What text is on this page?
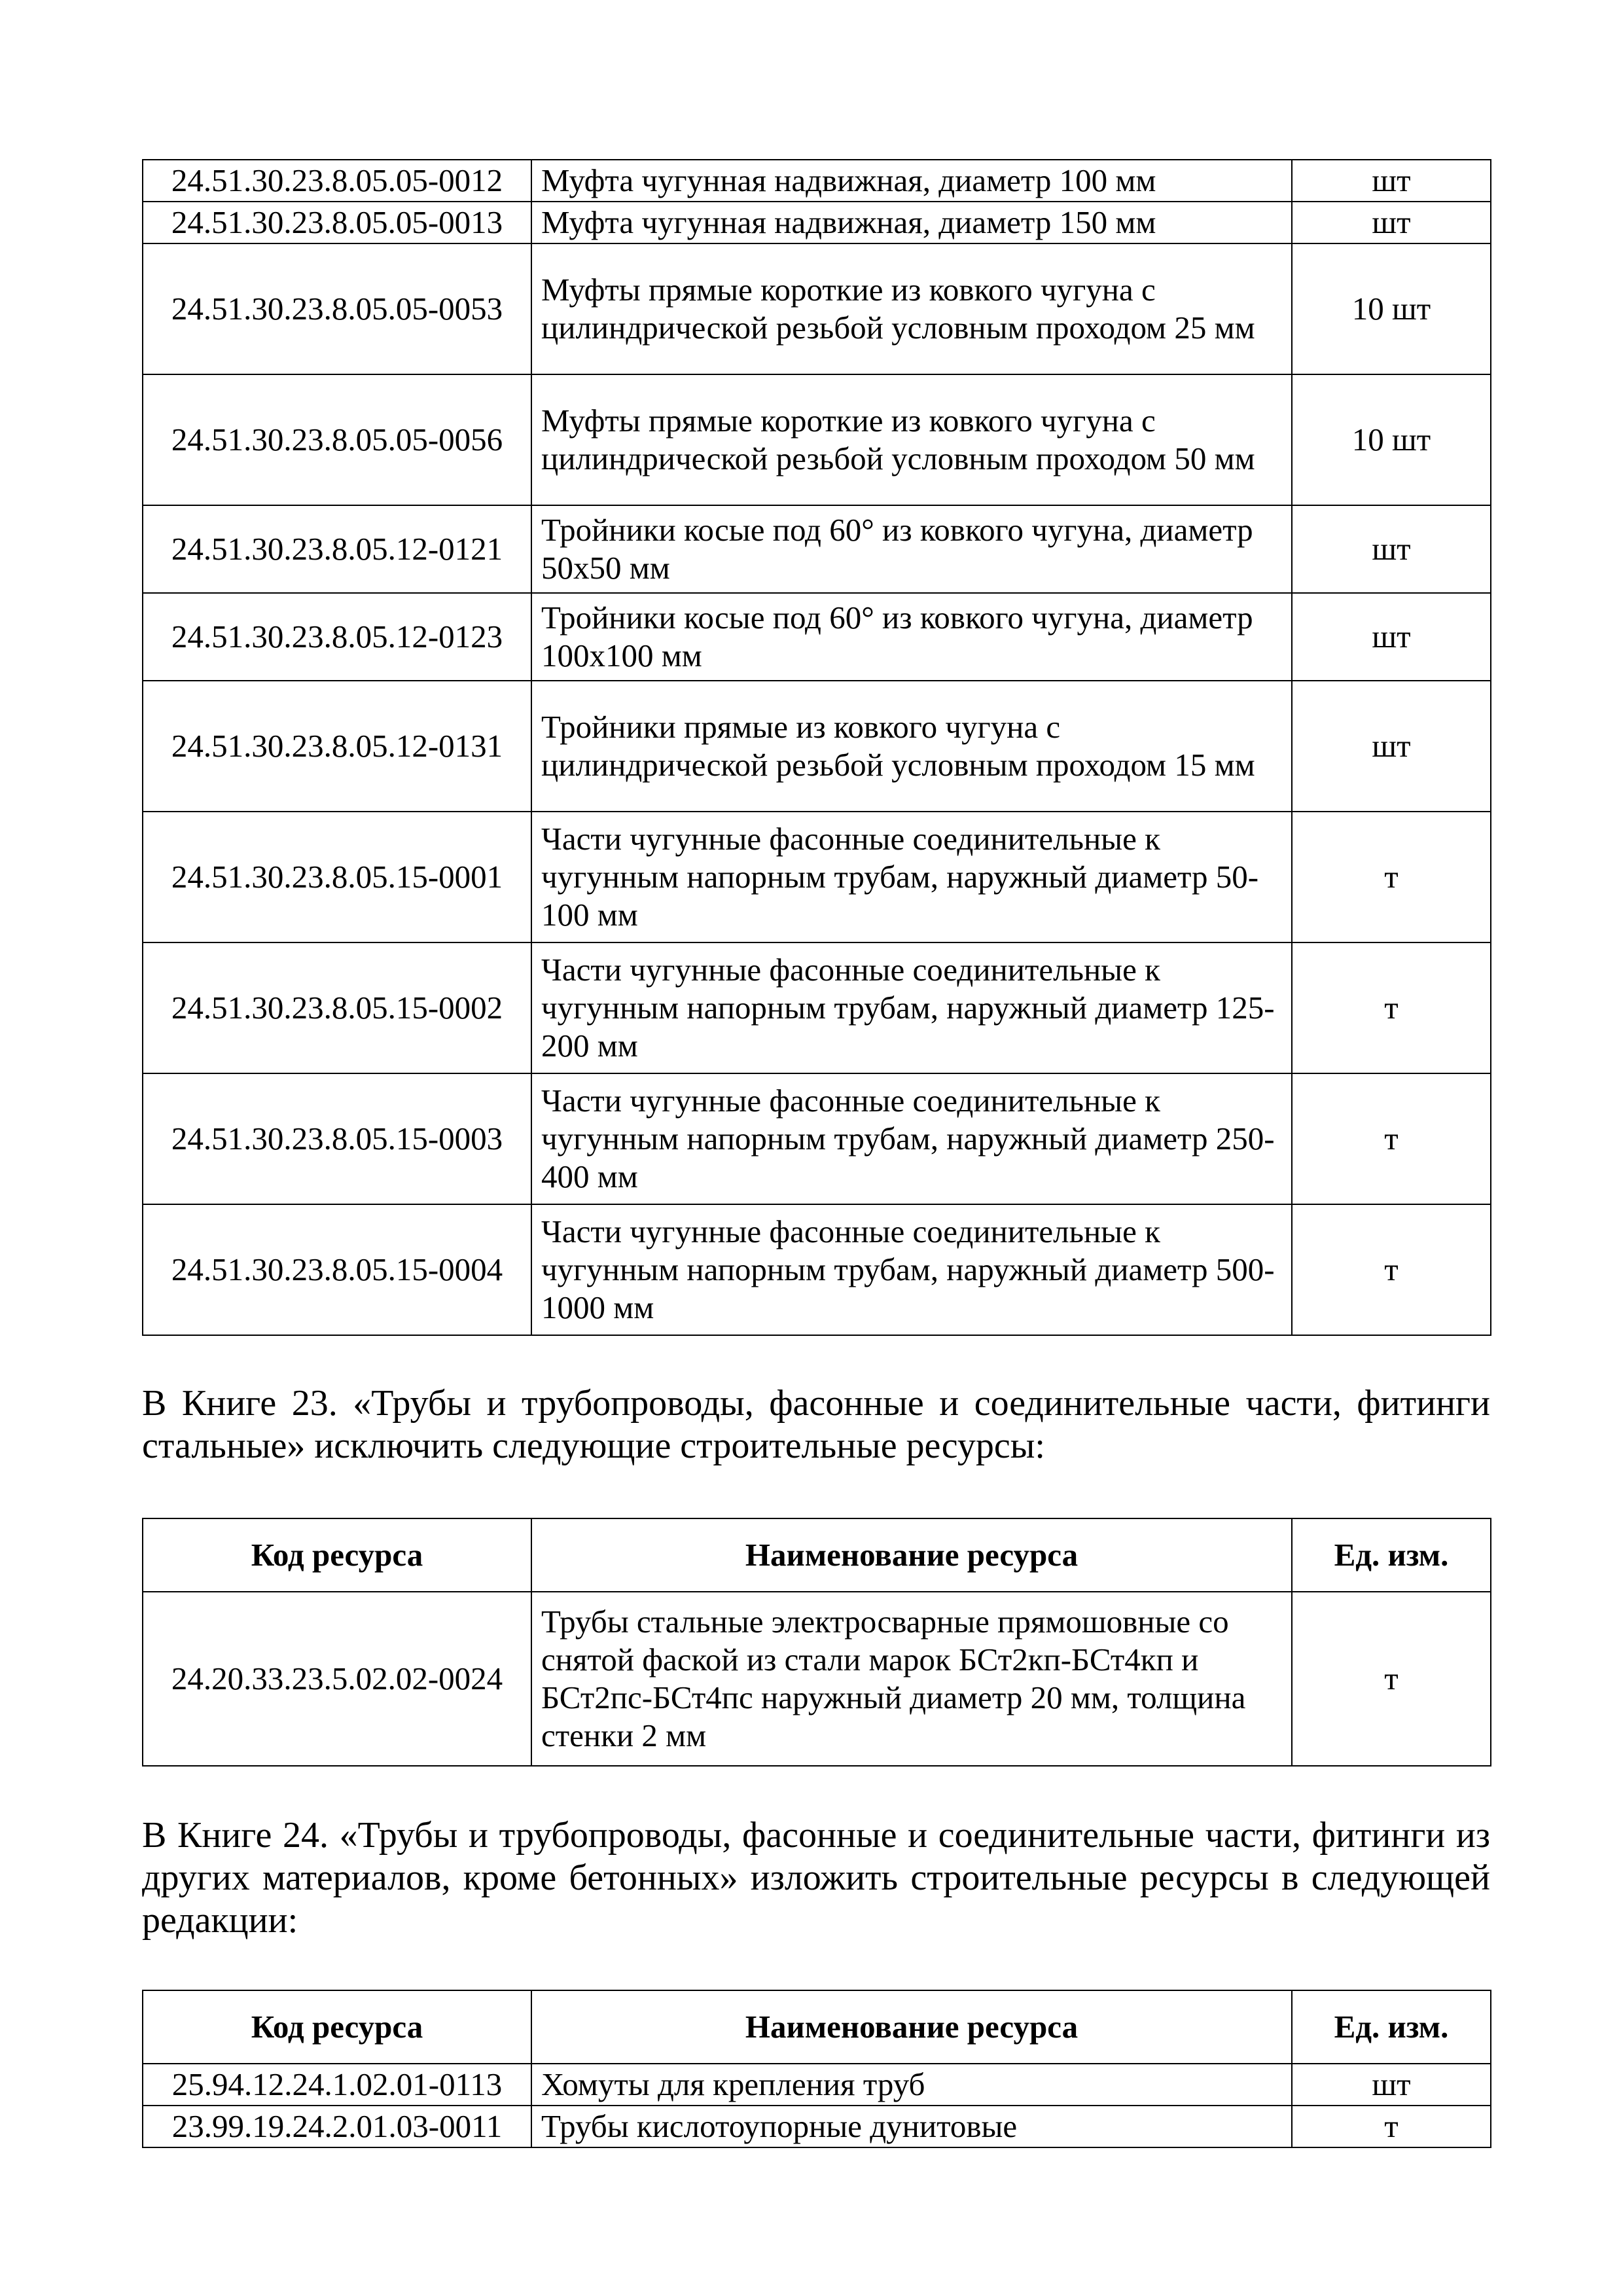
24.51.30.23.8.05.05-0012	Муфта чугунная надвижная, диаметр 100 мм	шт
24.51.30.23.8.05.05-0013	Муфта чугунная надвижная, диаметр 150 мм	шт
24.51.30.23.8.05.05-0053	Муфты прямые короткие из ковкого чугуна с цилиндрической резьбой условным проходом 25 мм	10 шт
24.51.30.23.8.05.05-0056	Муфты прямые короткие из ковкого чугуна с цилиндрической резьбой условным проходом 50 мм	10 шт
24.51.30.23.8.05.12-0121	Тройники косые под 60° из ковкого чугуна, диаметр 50х50 мм	шт
24.51.30.23.8.05.12-0123	Тройники косые под 60° из ковкого чугуна, диаметр 100х100 мм	шт
24.51.30.23.8.05.12-0131	Тройники прямые из ковкого чугуна с цилиндрической резьбой условным проходом 15 мм	шт
24.51.30.23.8.05.15-0001	Части чугунные фасонные соединительные к чугунным напорным трубам, наружный диаметр 50-100 мм	т
24.51.30.23.8.05.15-0002	Части чугунные фасонные соединительные к чугунным напорным трубам, наружный диаметр 125-200 мм	т
24.51.30.23.8.05.15-0003	Части чугунные фасонные соединительные к чугунным напорным трубам, наружный диаметр 250-400 мм	т
24.51.30.23.8.05.15-0004	Части чугунные фасонные соединительные к чугунным напорным трубам, наружный диаметр 500-1000 мм	т

В Книге 23. «Трубы и трубопроводы, фасонные и соединительные части, фитинги стальные» исключить следующие строительные ресурсы:

Код ресурса	Наименование ресурса	Ед. изм.
24.20.33.23.5.02.02-0024	Трубы стальные электросварные прямошовные со снятой фаской из стали марок БСт2кп-БСт4кп и БСт2пс-БСт4пс наружный диаметр 20 мм, толщина стенки 2 мм	т

В Книге 24. «Трубы и трубопроводы, фасонные и соединительные части, фитинги из других материалов, кроме бетонных» изложить строительные ресурсы в следующей редакции:

Код ресурса	Наименование ресурса	Ед. изм.
25.94.12.24.1.02.01-0113	Хомуты для крепления труб	шт
23.99.19.24.2.01.03-0011	Трубы кислотоупорные дунитовые	т
